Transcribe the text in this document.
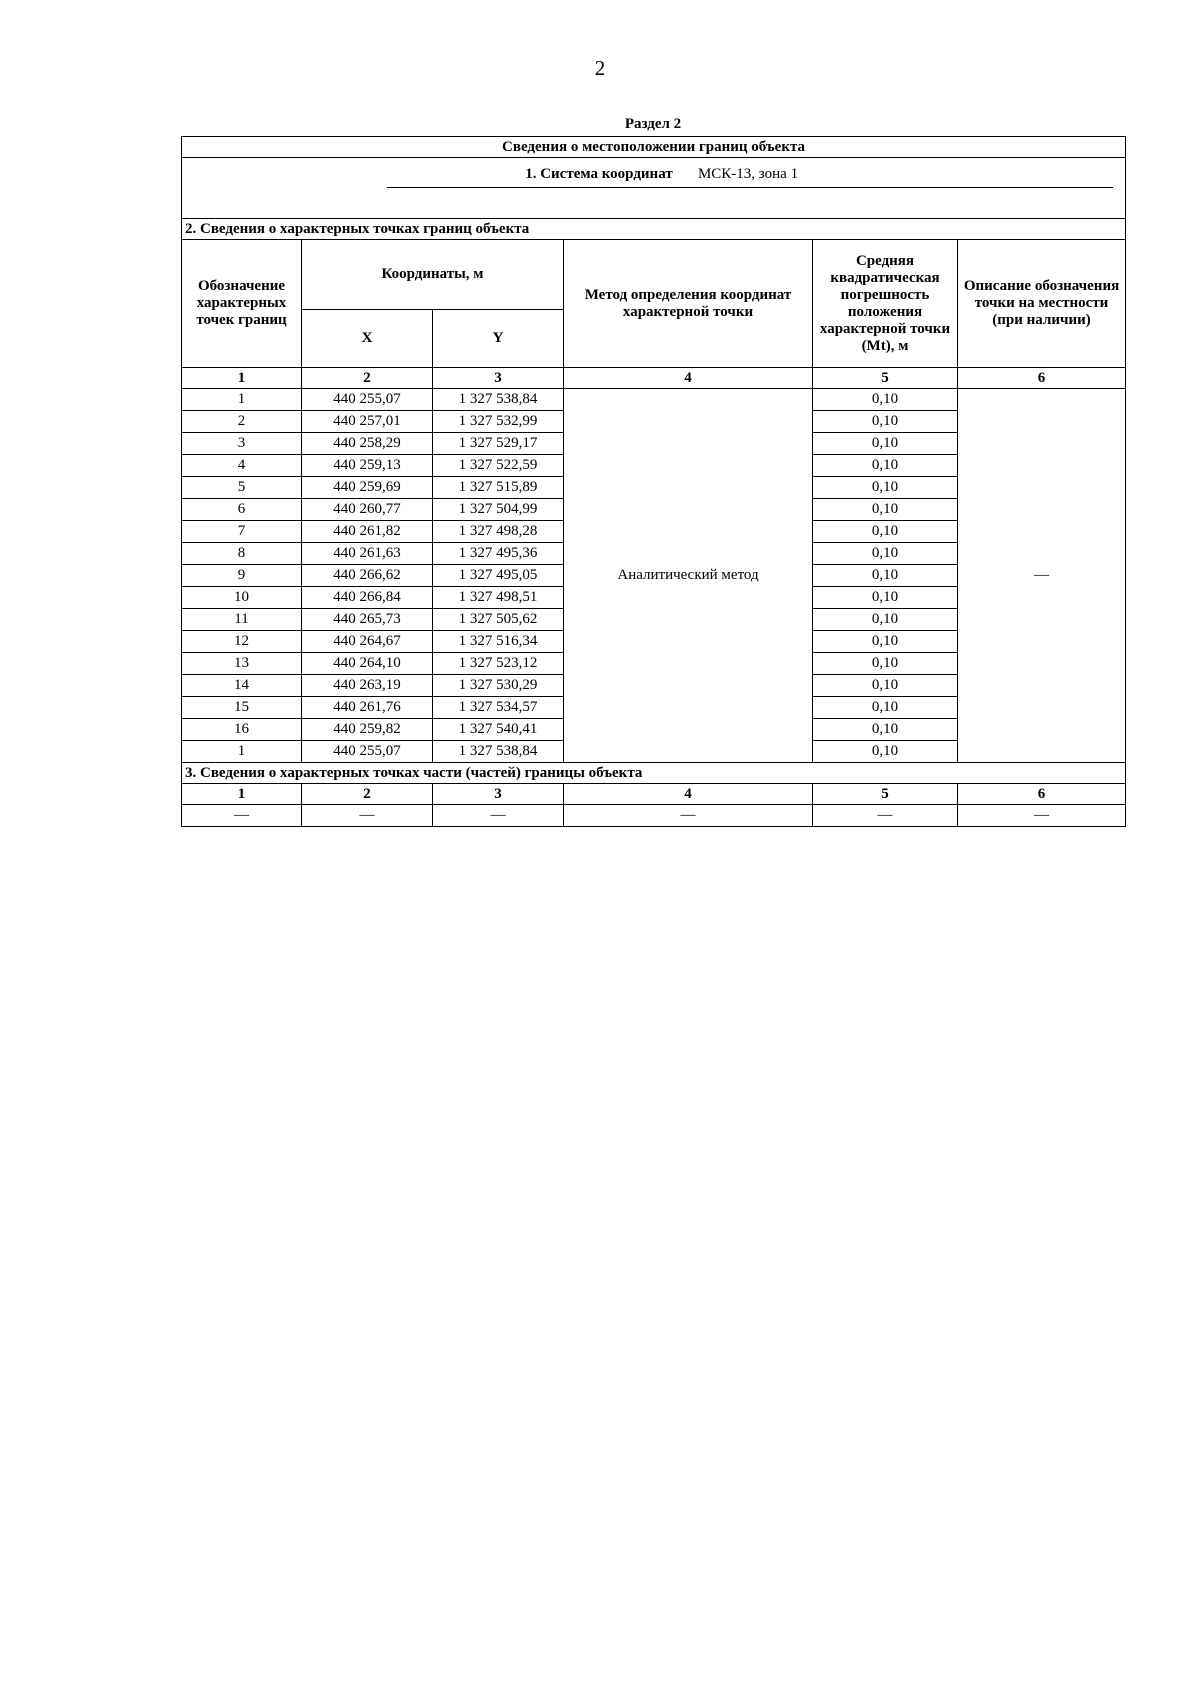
2
Раздел 2
Сведения о местоположении границ объекта					

1. Система координат МСК-13, зона 1					

2. Сведения о характерных точках границ объекта					
Обозначение характерных точек границ	Координаты, м		Метод определения координат характерной точки	Средняя квадратическая погрешность положения характерной точки (Mt), м	Описание обозначения точки на местности (при наличии)
	X	Y			
1	2	3	4	5	6
1	440 255,07	1 327 538,84	Аналитический метод	0,10	—
2	440 257,01	1 327 532,99		0,10	
3	440 258,29	1 327 529,17		0,10	
4	440 259,13	1 327 522,59		0,10	
5	440 259,69	1 327 515,89		0,10	
6	440 260,77	1 327 504,99		0,10	
7	440 261,82	1 327 498,28		0,10	
8	440 261,63	1 327 495,36		0,10	
9	440 266,62	1 327 495,05		0,10	
10	440 266,84	1 327 498,51		0,10	
11	440 265,73	1 327 505,62		0,10	
12	440 264,67	1 327 516,34		0,10	
13	440 264,10	1 327 523,12		0,10	
14	440 263,19	1 327 530,29		0,10	
15	440 261,76	1 327 534,57		0,10	
16	440 259,82	1 327 540,41		0,10	
1	440 255,07	1 327 538,84		0,10	
3. Сведения о характерных точках части (частей) границы объекта					
1	2	3	4	5	6
—	—	—	—	—	—
